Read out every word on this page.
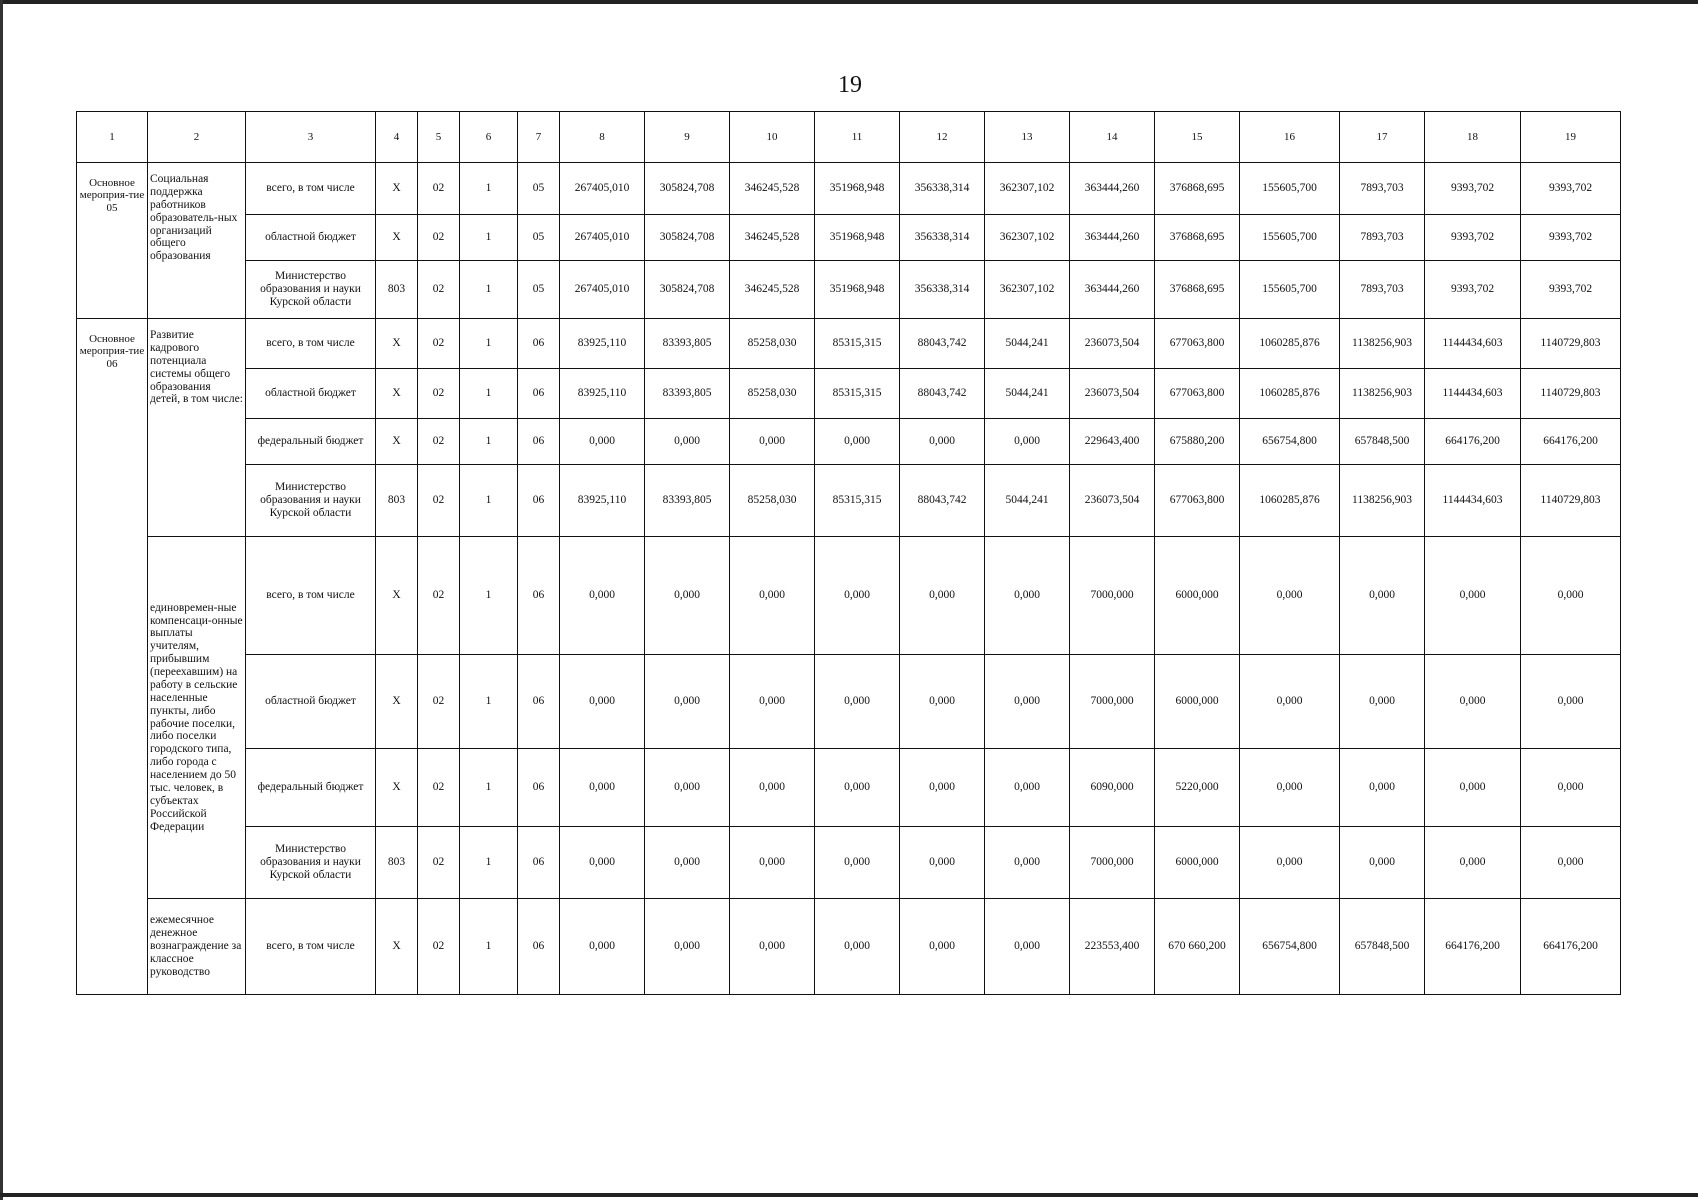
19
1	2	3	4	5	6	7	8	9	10	11	12	13	14	15	16	17	18	19
Основное мероприя-тие 05	Социальная поддержка работников образователь-ных организаций общего образования	всего, в том числе	X	02	1	05	267405,010	305824,708	346245,528	351968,948	356338,314	362307,102	363444,260	376868,695	155605,700	7893,703	9393,702	9393,702
		областной бюджет	X	02	1	05	267405,010	305824,708	346245,528	351968,948	356338,314	362307,102	363444,260	376868,695	155605,700	7893,703	9393,702	9393,702
		Министерство образования и науки Курской области	803	02	1	05	267405,010	305824,708	346245,528	351968,948	356338,314	362307,102	363444,260	376868,695	155605,700	7893,703	9393,702	9393,702
Основное мероприя-тие 06	Развитие кадрового потенциала системы общего образования детей, в том числе:	всего, в том числе	X	02	1	06	83925,110	83393,805	85258,030	85315,315	88043,742	5044,241	236073,504	677063,800	1060285,876	1138256,903	1144434,603	1140729,803
		областной бюджет	X	02	1	06	83925,110	83393,805	85258,030	85315,315	88043,742	5044,241	236073,504	677063,800	1060285,876	1138256,903	1144434,603	1140729,803
		федеральный бюджет	X	02	1	06	0,000	0,000	0,000	0,000	0,000	0,000	229643,400	675880,200	656754,800	657848,500	664176,200	664176,200
		Министерство образования и науки Курской области	803	02	1	06	83925,110	83393,805	85258,030	85315,315	88043,742	5044,241	236073,504	677063,800	1060285,876	1138256,903	1144434,603	1140729,803
	единовремен-ные компенсаци-онные выплаты учителям, прибывшим (переехавшим) на работу в сельские населенные пункты, либо рабочие поселки, либо поселки городского типа, либо города с населением до 50 тыс. человек, в субъектах Российской Федерации	всего, в том числе	X	02	1	06	0,000	0,000	0,000	0,000	0,000	0,000	7000,000	6000,000	0,000	0,000	0,000	0,000
		областной бюджет	X	02	1	06	0,000	0,000	0,000	0,000	0,000	0,000	7000,000	6000,000	0,000	0,000	0,000	0,000
		федеральный бюджет	X	02	1	06	0,000	0,000	0,000	0,000	0,000	0,000	6090,000	5220,000	0,000	0,000	0,000	0,000
		Министерство образования и науки Курской области	803	02	1	06	0,000	0,000	0,000	0,000	0,000	0,000	7000,000	6000,000	0,000	0,000	0,000	0,000
	ежемесячное денежное вознаграждение за классное руководство	всего, в том числе	X	02	1	06	0,000	0,000	0,000	0,000	0,000	0,000	223553,400	670 660,200	656754,800	657848,500	664176,200	664176,200
